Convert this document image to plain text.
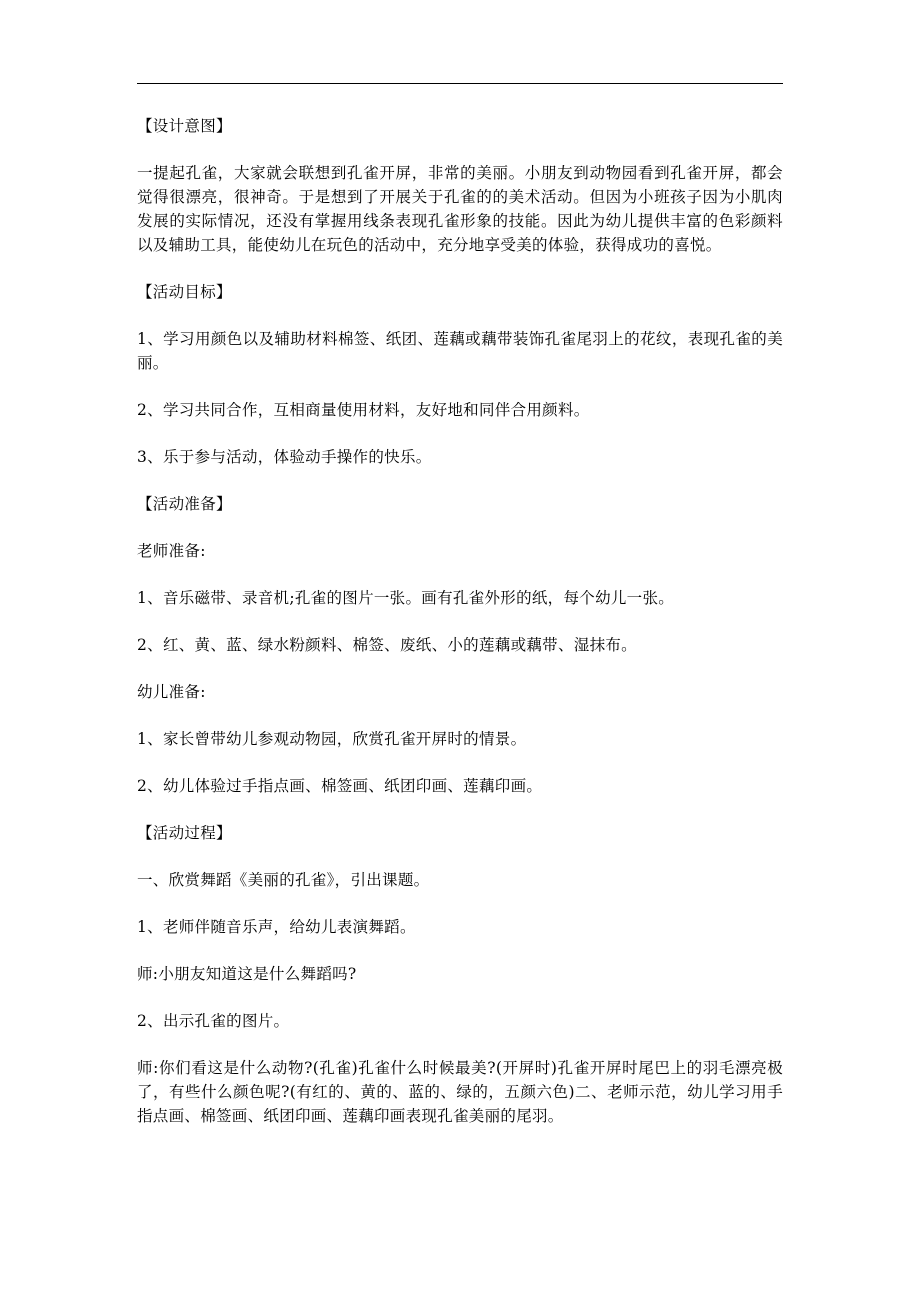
【设计意图】

一提起孔雀，大家就会联想到孔雀开屏，非常的美丽。小朋友到动物园看到孔雀开屏，都会觉得很漂亮，很神奇。于是想到了开展关于孔雀的的美术活动。但因为小班孩子因为小肌肉发展的实际情况，还没有掌握用线条表现孔雀形象的技能。因此为幼儿提供丰富的色彩颜料以及辅助工具，能使幼儿在玩色的活动中，充分地享受美的体验，获得成功的喜悦。

【活动目标】

1、学习用颜色以及辅助材料棉签、纸团、莲藕或藕带装饰孔雀尾羽上的花纹，表现孔雀的美丽。

2、学习共同合作，互相商量使用材料，友好地和同伴合用颜料。

3、乐于参与活动，体验动手操作的快乐。

【活动准备】

老师准备:

1、音乐磁带、录音机;孔雀的图片一张。画有孔雀外形的纸，每个幼儿一张。

2、红、黄、蓝、绿水粉颜料、棉签、废纸、小的莲藕或藕带、湿抹布。

幼儿准备:

1、家长曾带幼儿参观动物园，欣赏孔雀开屏时的情景。

2、幼儿体验过手指点画、棉签画、纸团印画、莲藕印画。

【活动过程】

一、欣赏舞蹈《美丽的孔雀》，引出课题。

1、老师伴随音乐声，给幼儿表演舞蹈。

师:小朋友知道这是什么舞蹈吗?

2、出示孔雀的图片。

师:你们看这是什么动物?(孔雀)孔雀什么时候最美?(开屏时)孔雀开屏时尾巴上的羽毛漂亮极了，有些什么颜色呢?(有红的、黄的、蓝的、绿的，五颜六色)二、老师示范，幼儿学习用手指点画、棉签画、纸团印画、莲藕印画表现孔雀美丽的尾羽。
